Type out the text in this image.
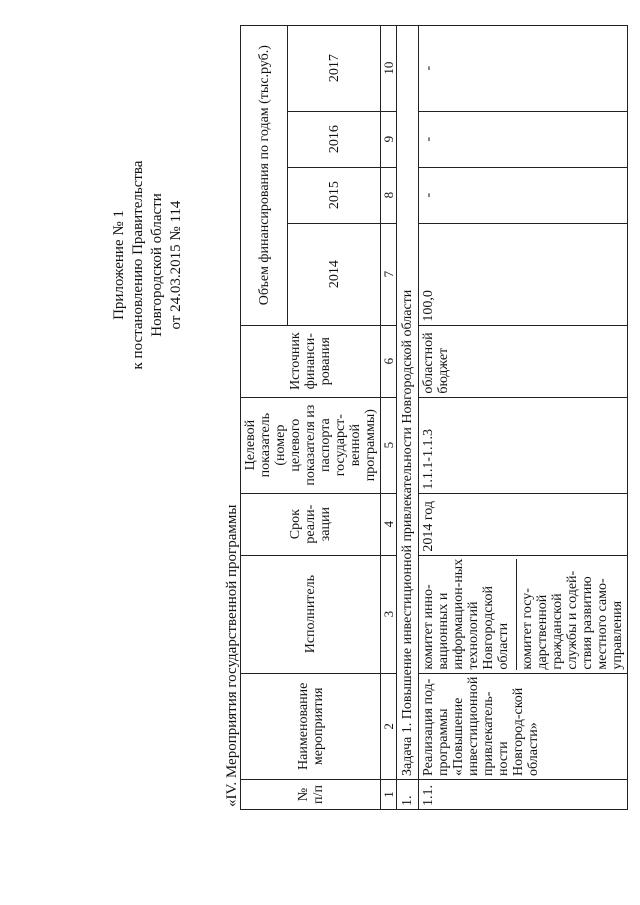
Приложение № 1 к постановлению Правительства Новгородской области от 24.03.2015 № 114
«IV. Мероприятия государственной программы	№ п/п	Наименование мероприятия	Исполнитель	Срок реали-зации	Целевой показатель (номер целевого показателя из паспорта государст-венной программы)	Источник финанси-рования	Объем финансирования по годам (тыс.руб.)			
						2014	2015	2016	2017
1	2	3	4	5	6	7	8	9	10
1.	Задача 1. Повышение инвестиционной привлекательности Новгородской области								
1.1.	Реализация под-программы «Повышение инвестиционной привлекатель-ности Новгород-ской области»	комитет инно-вационных и информацион-ных технологий Новгородской области комитет госу-дарственной гражданской службы и содей-ствия развитию местного само-управления	2014 год	1.1.1-1.1.3	областной бюджет	100,0	-	-	-
